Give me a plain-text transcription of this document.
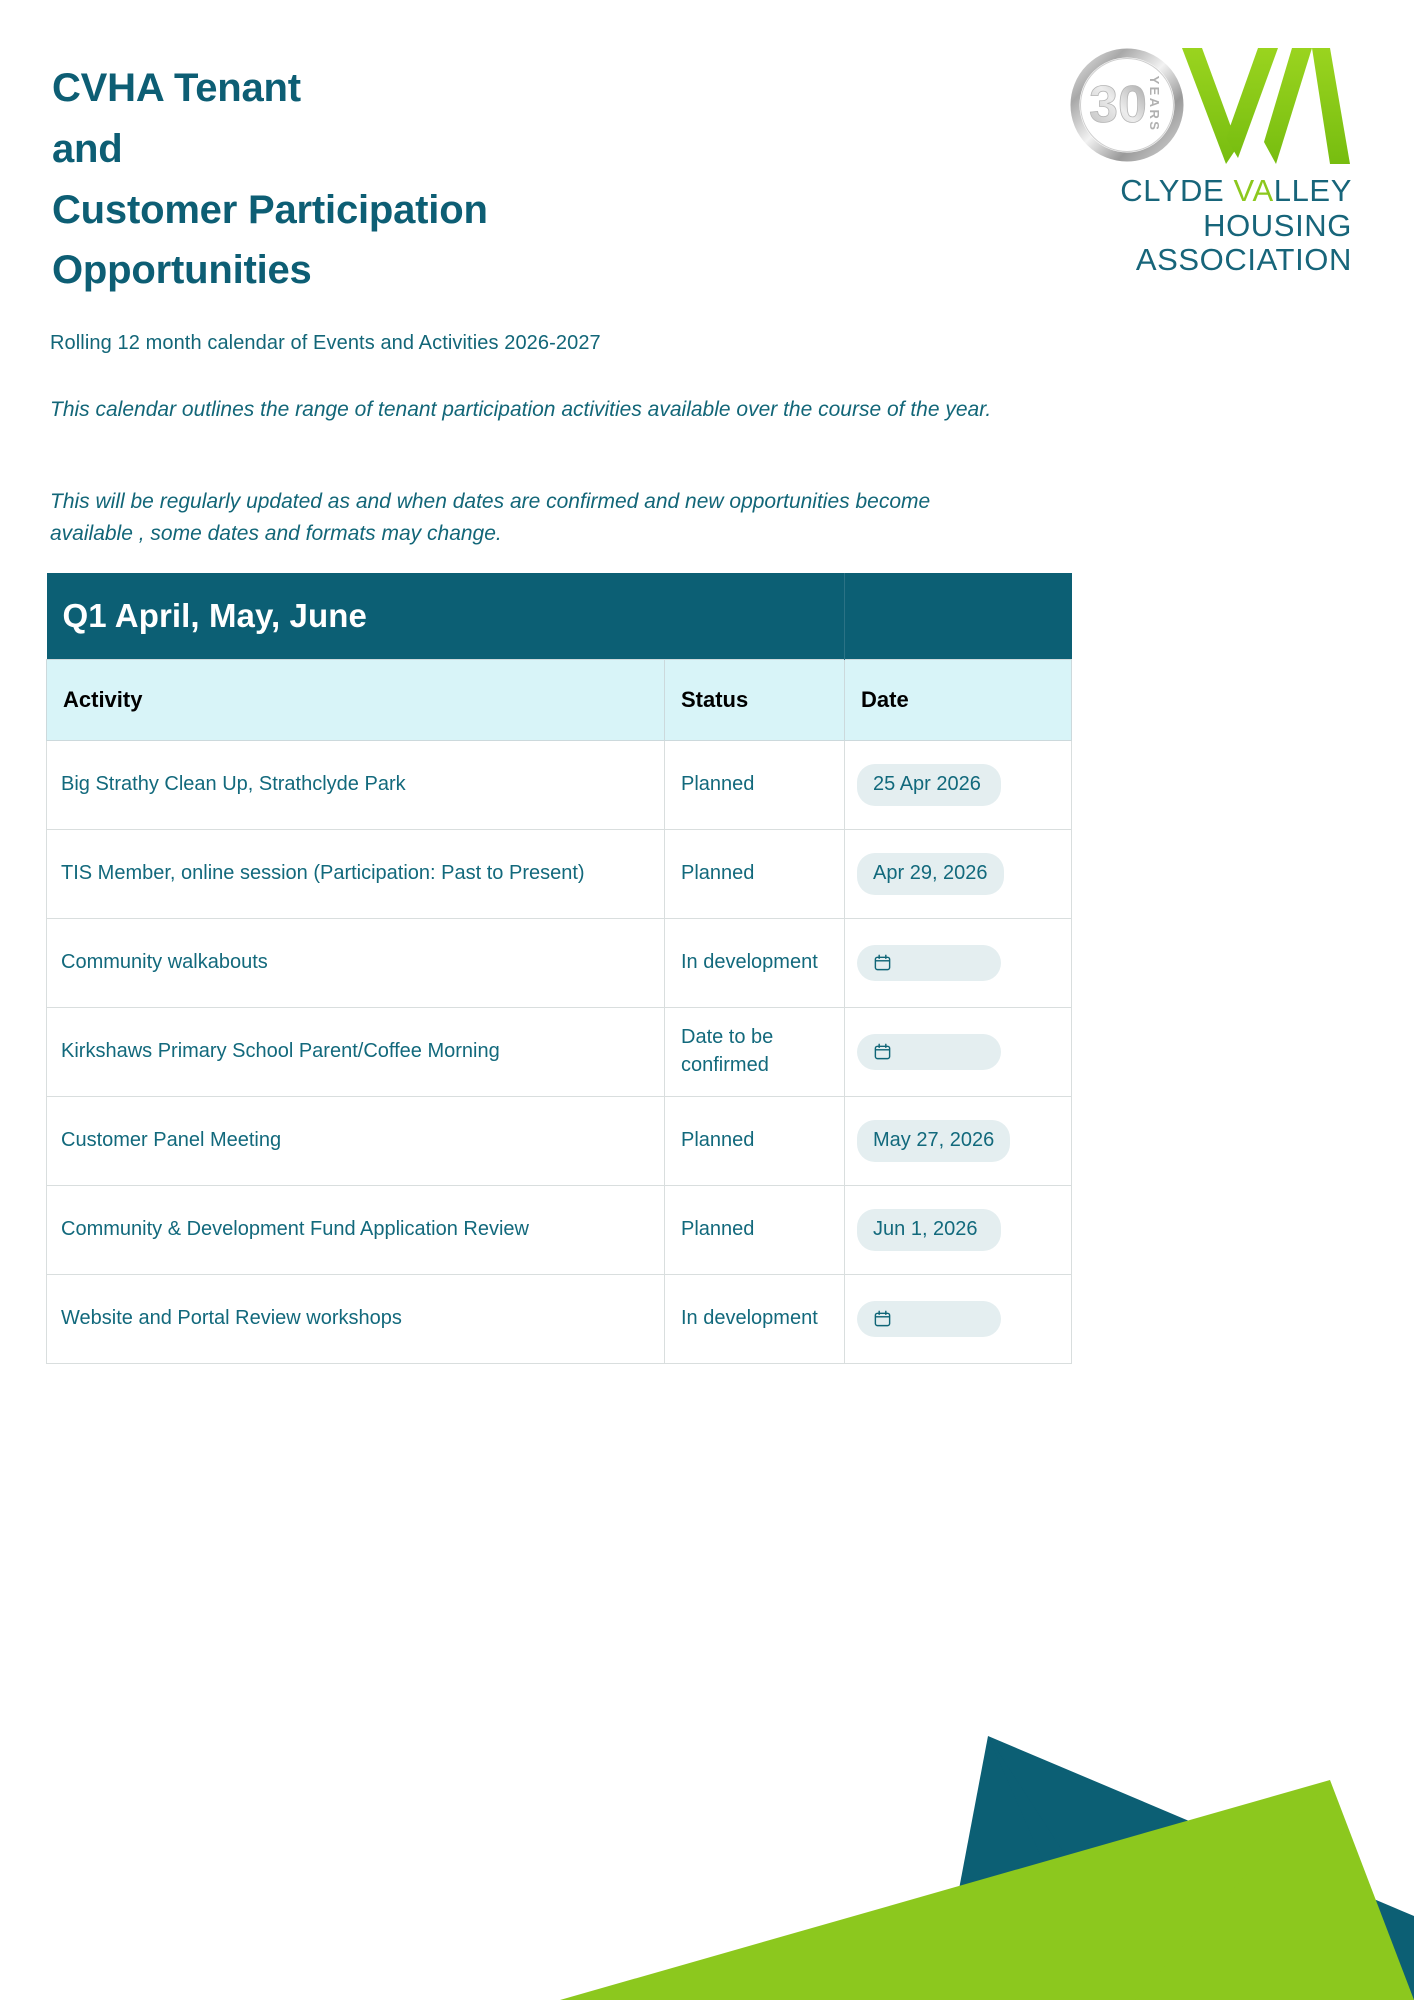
CVHA Tenant
and
Customer Participation
Opportunities
30 YEARS
CLYDE VALLEY
HOUSING
ASSOCIATION
Rolling 12 month calendar of Events and Activities 2026-2027
This calendar outlines the range of tenant participation activities available over the course of the year.
This will be regularly updated as and when dates are confirmed and new opportunities become available , some dates and formats may change.
Q1 April, May, June		
Activity	Status	Date
Big Strathy Clean Up, Strathclyde Park	Planned	25 Apr 2026
TIS Member, online session (Participation: Past to Present)	Planned	Apr 29, 2026
Community walkabouts	In development	

Kirkshaws Primary School Parent/Coffee Morning	Date to be confirmed	

Customer Panel Meeting	Planned	May 27, 2026
Community & Development Fund Application Review	Planned	Jun 1, 2026
Website and Portal Review workshops	In development	
